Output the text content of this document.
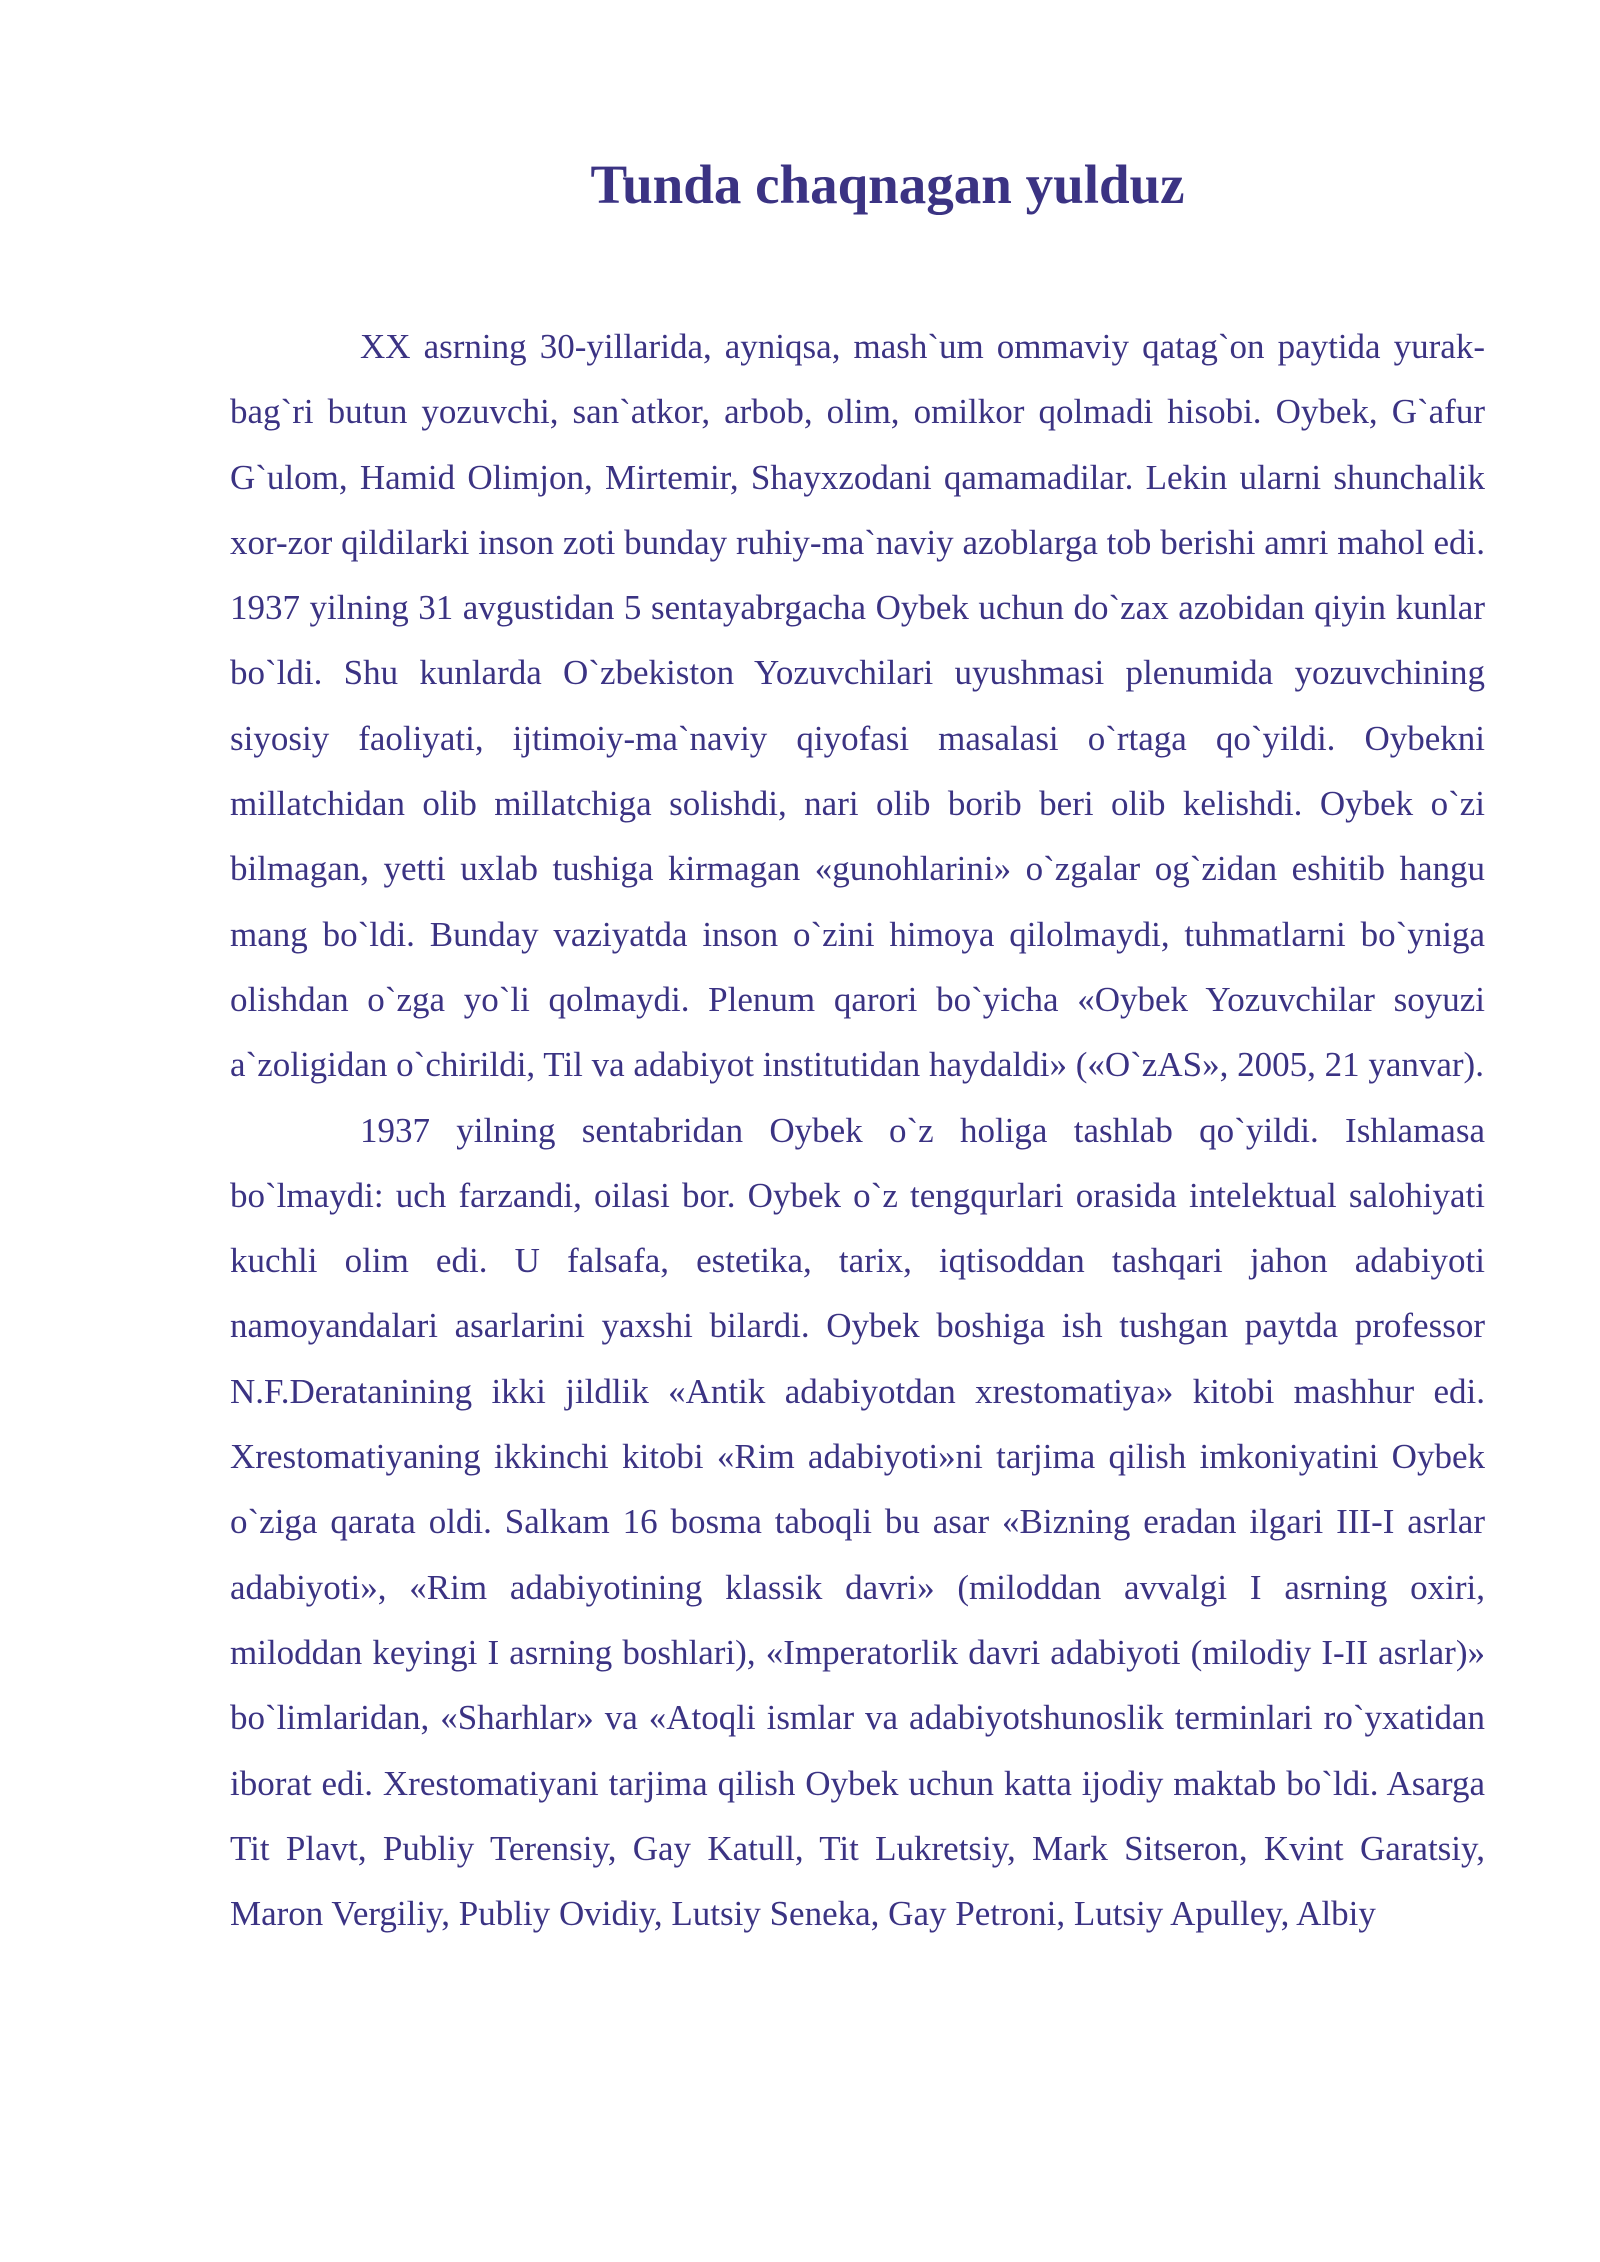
Tunda chaqnagan yulduz

XX asrning 30-yillarida, ayniqsa, mash`um ommaviy qatag`on paytida yurak-bag`ri butun yozuvchi, san`atkor, arbob, olim, omilkor qolmadi hisobi. Oybek, G`afur G`ulom, Hamid Olimjon, Mirtemir, Shayxzodani qamamadilar. Lekin ularni shunchalik xor-zor qildilarki inson zoti bunday ruhiy-ma`naviy azoblarga tob berishi amri mahol edi. 1937 yilning 31 avgustidan 5 sentayabrgacha Oybek uchun do`zax azobidan qiyin kunlar bo`ldi. Shu kunlarda O`zbekiston Yozuvchilari uyushmasi plenumida yozuvchining siyosiy faoliyati, ijtimoiy-ma`naviy qiyofasi masalasi o`rtaga qo`yildi. Oybekni millatchidan olib millatchiga solishdi, nari olib borib beri olib kelishdi. Oybek o`zi bilmagan, yetti uxlab tushiga kirmagan «gunohlarini» o`zgalar og`zidan eshitib hangu mang bo`ldi. Bunday vaziyatda inson o`zini himoya qilolmaydi, tuhmatlarni bo`yniga olishdan o`zga yo`li qolmaydi. Plenum qarori bo`yicha «Oybek Yozuvchilar soyuzi a`zoligidan o`chirildi, Til va adabiyot institutidan haydaldi» («O`zAS», 2005, 21 yanvar).

1937 yilning sentabridan Oybek o`z holiga tashlab qo`yildi. Ishlamasa bo`lmaydi: uch farzandi, oilasi bor. Oybek o`z tengqurlari orasida intelektual salohiyati kuchli olim edi. U falsafa, estetika, tarix, iqtisoddan tashqari jahon adabiyoti namoyandalari asarlarini yaxshi bilardi. Oybek boshiga ish tushgan paytda professor N.F.Deratanining ikki jildlik «Antik adabiyotdan xrestomatiya» kitobi mashhur edi. Xrestomatiyaning ikkinchi kitobi «Rim adabiyoti»ni tarjima qilish imkoniyatini Oybek o`ziga qarata oldi. Salkam 16 bosma taboqli bu asar «Bizning eradan ilgari III-I asrlar adabiyoti», «Rim adabiyotining klassik davri» (miloddan avvalgi I asrning oxiri, miloddan keyingi I asrning boshlari), «Imperatorlik davri adabiyoti (milodiy I-II asrlar)» bo`limlaridan, «Sharhlar» va «Atoqli ismlar va adabiyotshunoslik terminlari ro`yxatidan iborat edi. Xrestomatiyani tarjima qilish Oybek uchun katta ijodiy maktab bo`ldi. Asarga Tit Plavt, Publiy Terensiy, Gay Katull, Tit Lukretsiy, Mark Sitseron, Kvint Garatsiy, Maron Vergiliy, Publiy Ovidiy, Lutsiy Seneka, Gay Petroni, Lutsiy Apulley, Albiy
